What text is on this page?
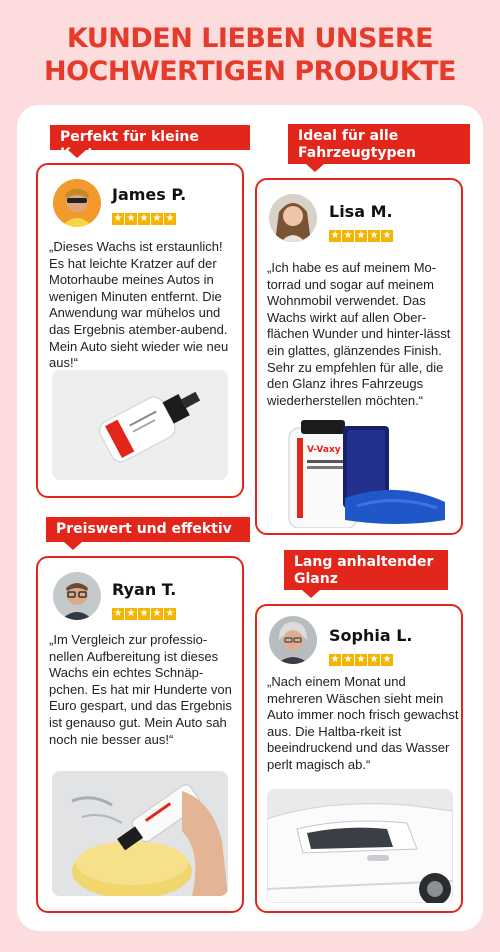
KUNDEN LIEBEN UNSERE
HOCHWERTIGEN PRODUKTE
Perfekt für kleine Kratzer
James P.
★ ★ ★ ★ ★
„Dieses Wachs ist erstaunlich! Es hat leichte Kratzer auf der Motorhaube meines Autos in wenigen Minuten entfernt. Die Anwendung war mühelos und das Ergebnis atember-aubend. Mein Auto sieht wieder wie neu aus!“
Ideal für alle Fahrzeugtypen
Lisa M.
★ ★ ★ ★ ★
„Ich habe es auf meinem Mo-torrad und sogar auf meinem Wohnmobil verwendet. Das Wachs wirkt auf allen Ober-flächen Wunder und hinter-lässt ein glattes, glänzendes Finish. Sehr zu empfehlen für alle, die den Glanz ihres Fahrzeugs wiederherstellen möchten.“
V-Vaxy
Preiswert und effektiv
Ryan T.
★ ★ ★ ★ ★
„Im Vergleich zur professio-nellen Aufbereitung ist dieses Wachs ein echtes Schnäp-pchen. Es hat mir Hunderte von Euro gespart, und das Ergebnis ist genauso gut. Mein Auto sah noch nie besser aus!“
Lang anhaltender Glanz
Sophia L.
★ ★ ★ ★ ★
„Nach einem Monat und mehreren Wäschen sieht mein Auto immer noch frisch gewachst aus. Die Haltba-rkeit ist beeindruckend und das Wasser perlt magisch ab.“
